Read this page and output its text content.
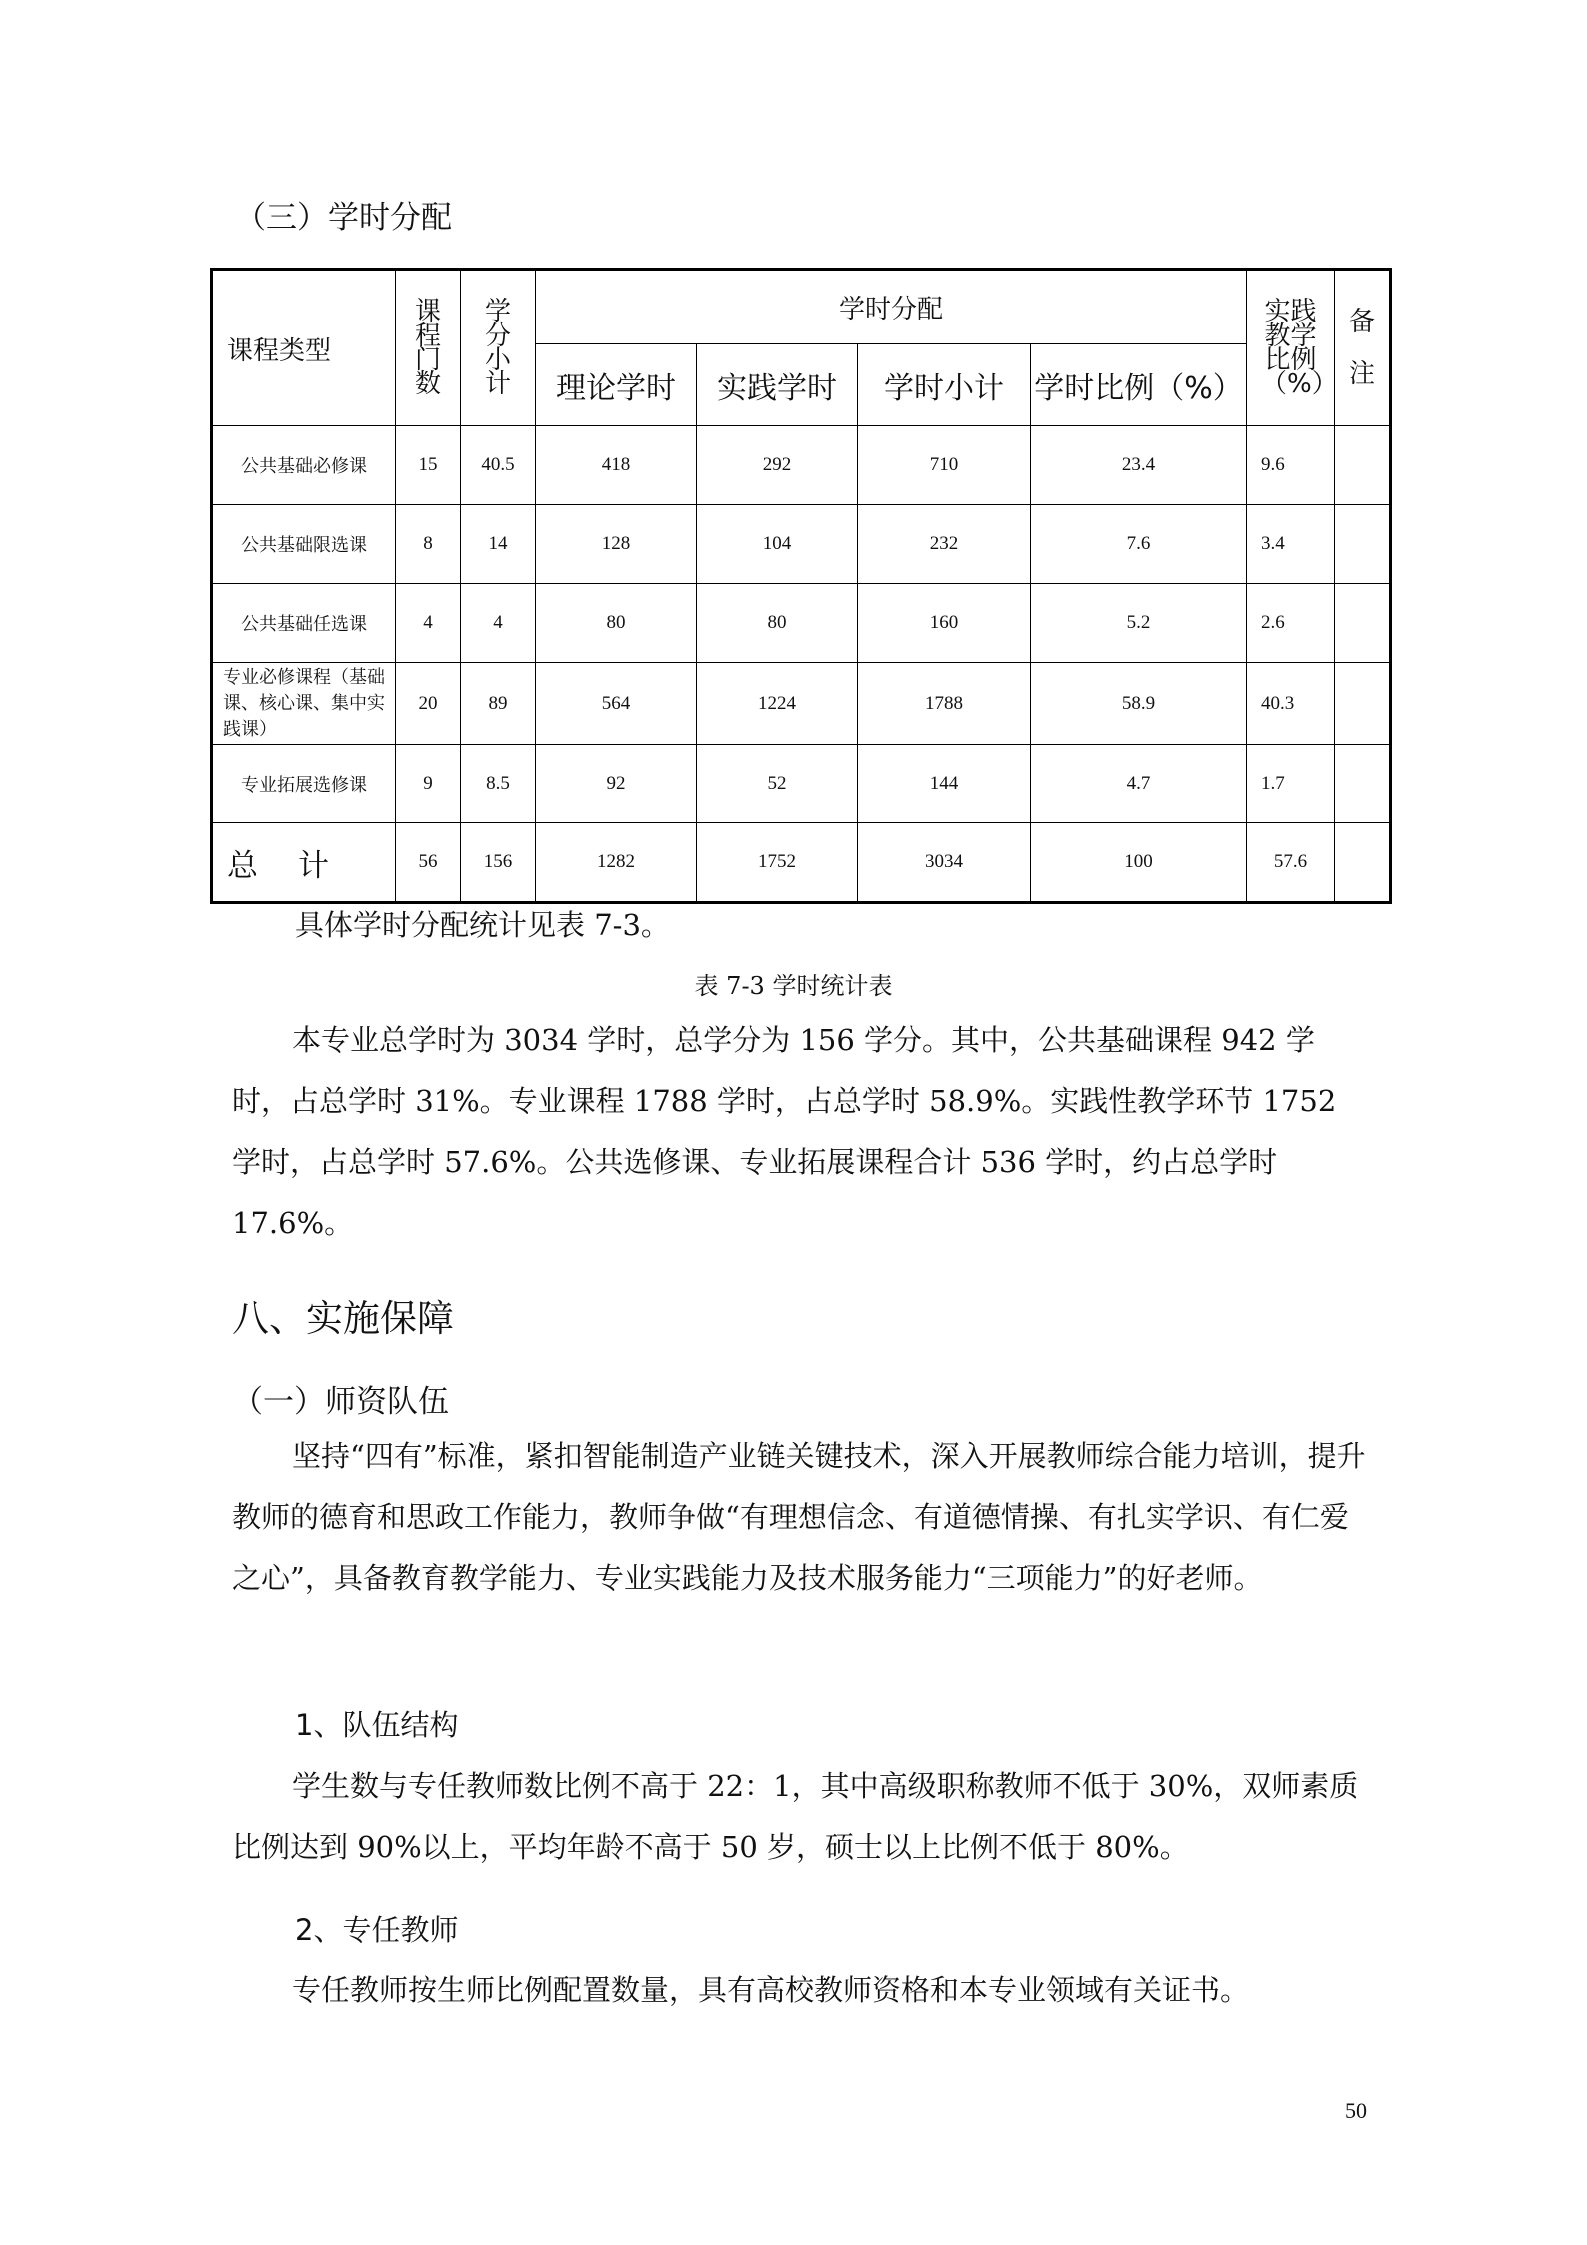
（三）学时分配
课程类型	课程门数	学分小计	学时分配				实践教学比例（%）	备注

			理论学时	实践学时	学时小计	学时比例（%）		
公共基础必修课	15	40.5	418	292	710	23.4	9.6	
公共基础限选课	8	14	128	104	232	7.6	3.4	
公共基础任选课	4	4	80	80	160	5.2	2.6	
专业必修课程（基础课、核心课、集中实践课）	20	89	564	1224	1788	58.9	40.3	
专业拓展选修课	9	8.5	92	52	144	4.7	1.7	
总计	56	156	1282	1752	3034	100	57.6	
具体学时分配统计见表 7-3。
表 7-3 学时统计表
本专业总学时为 3034 学时，总学分为 156 学分。其中，公共基础课程 942 学时，占总学时 31%。专业课程 1788 学时，占总学时 58.9%。实践性教学环节 1752 学时，占总学时 57.6%。公共选修课、专业拓展课程合计 536 学时，约占总学时 17.6%。
八、实施保障
（一）师资队伍
坚持“四有”标准，紧扣智能制造产业链关键技术，深入开展教师综合能力培训，提升教师的德育和思政工作能力，教师争做“有理想信念、有道德情操、有扎实学识、有仁爱之心”，具备教育教学能力、专业实践能力及技术服务能力“三项能力”的好老师。
1、队伍结构
学生数与专任教师数比例不高于 22：1，其中高级职称教师不低于 30%，双师素质比例达到 90%以上，平均年龄不高于 50 岁，硕士以上比例不低于 80%。
2、专任教师
专任教师按生师比例配置数量，具有高校教师资格和本专业领域有关证书。
50
